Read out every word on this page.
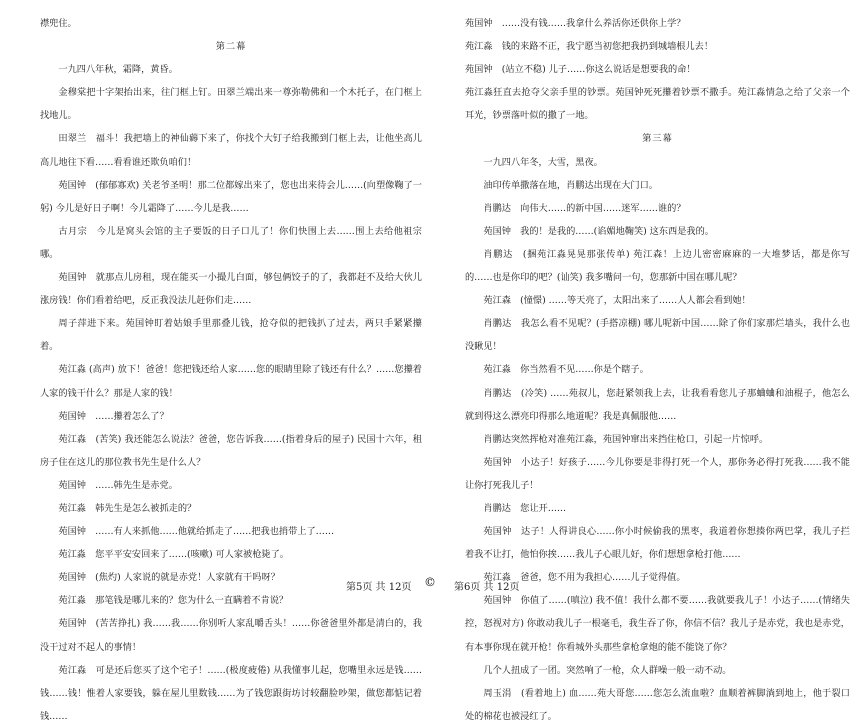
襟兜住。

第二幕

一九四八年秋，霜降，黄昏。

金穆棠把十字架抬出来，往门框上钉。田翠兰端出来一尊弥勒佛和一个木托子，在门框上找地儿。

田翠兰　福斗！我把墙上的神仙薅下来了，你找个大钉子给我搬到门框上去，让他坐高儿高儿地往下看……看看谁还欺负咱们！

苑国钟　(郁郁寡欢) 关老爷圣明！那二位都嫁出来了，您也出来待会儿……(向塑像鞠了一躬) 今儿是好日子啊！今儿霜降了……今儿是我……

古月宗　今儿是窝头会馆的主子要饭的日子口儿了！你们快围上去……围上去给他祖宗哪。

苑国钟　就那点儿房租，现在能买一小撮儿白面，够包俩饺子的了，我都赶不及给大伙儿涨房钱！你们看着给吧，反正我没法儿赶你们走……

周子萍进下来。苑国钟盯着姑娘手里那叠儿钱，抢夺似的把钱扒了过去，两只手紧紧攥着。

苑江淼 (高声) 放下！爸爸！您把钱还给人家……您的眼睛里除了钱还有什么？……您攥着人家的钱干什么？那是人家的钱！

苑国钟　……攥着怎么了？

苑江淼　(苦笑) 我还能怎么说法？爸爸，您告诉我……(指着身后的屋子) 民国十六年，租房子住在这儿的那位教书先生是什么人？

苑国钟　……韩先生是赤党。

苑江淼　韩先生是怎么被抓走的？

苑国钟　……有人来抓他……他就给抓走了……把我也捎带上了……

苑江淼　您平平安安回来了……(咳嗽) 可人家被枪毙了。

苑国钟　(焦灼) 人家说的就是赤党！人家就有干吗呀？

苑江淼　那笔钱是哪儿来的？您为什么一直瞒着不肯说？

苑国钟　(苦苦挣扎) 我……我……你别听人家乱嚼舌头！……你爸爸里外都是清白的，我没干过对不起人的事情！

苑江淼　可是还后您买了这个宅子！……(极度疲倦) 从我懂事儿起，您嘴里永远是钱……钱……钱！惟着人家要钱，躲在屋儿里数钱……为了钱您跟街坊讨较翻脸吵架，做您都惦记着钱……

第5页 共 12页 ©

苑国钟　……没有钱……我拿什么养活你还供你上学？

苑江淼　钱的来路不正，我宁愿当初您把我扔到城墙根儿去！

苑国钟　(站立不稳) 儿子……你这么说话是想要我的命！

苑江淼狂直去抢夺父亲手里的钞票。苑国钟死死攥着钞票不撒手。苑江淼情急之给了父亲一个耳光，钞票落叶似的撒了一地。

第三幕

一九四八年冬，大雪，黑夜。

油印传单撒落在地，肖鹏达出现在大门口。

肖鹏达　向伟大……的新中国……迷军……谁的？

苑国钟　我的！是我的……(谄媚地鞠笑) 这东西是我的。

肖鹏达　(捆苑江淼晃晃那张传单) 苑江森！上边儿密密麻麻的一大堆梦话，都是你写的……也是你印的吧？(讪笑) 我多嘴问一句，您那新中国在哪儿呢？

苑江森　(憧憬) ……等天亮了，太阳出来了……人人都会看到她！

肖鹏达　我怎么看不见呢？(手搭凉棚) 哪儿呢新中国……除了你们家那烂墙头，我什么也没瞅见！

苑江淼　你当然看不见……你是个瞎子。

肖鹏达　(冷笑) ……苑叔儿，您赶紧领我上去，让我看看您儿子那蛐蛐和油棍子，他怎么就到得这么漂亮印得那么地道呢？我是真佩服他……

肖鹏达突然挥枪对准苑江淼，苑国钟窜出来挡住枪口，引起一片惊呼。

苑国钟　小达子！好孩子……今儿你要是非得打死一个人，那你务必得打死我……我不能让你打死我儿子！

肖鹏达　您让开……

苑国钟　达子！人得讲良心……你小时候偷我的黑枣，我道着你想揍你两巴掌，我儿子拦着我不让打，他怕你挨……我儿子心眼儿好，你们想想拿枪打他……

苑江淼　爸爸，您不用为我担心……儿子觉得值。

苑国钟　你值了……(嗔泣) 我不值！我什么都不要……我就要我儿子！小达子……(情绪失控，怒视对方) 你敢动我儿子一根毫毛，我生吞了你，你信不信？我儿子是赤党，我也是赤党，有本事你现在就开枪！你看城外头那些拿枪拿炮的能不能饶了你？

几个人扭成了一团。突然响了一枪，众人群噪一般一动不动。

周玉涓　(看着地上) 血……苑大哥您……您怎么流血啦？血顺着裤脚淌到地上，他于裂口处的棉花也被浸红了。

第6页 共 12页
